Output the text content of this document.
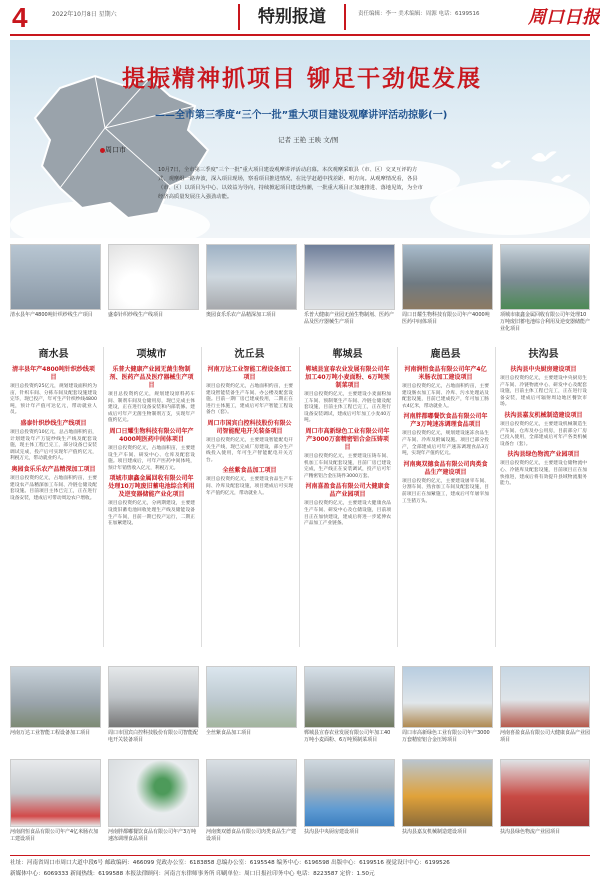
4	2022年10月8日 星期六	特别报道	责任编辑：李一 美术编辑：周源 电话：6199516	周口日报
周口市
提振精神抓项目 铆足干劲促发展
——全市第三季度“三个一批”重大项目建设观摩讲评活动掠影(一)
记者 王艳 王映 文/图
10月7日，全市第三季度“三个一批”重大项目建设观摩讲评活动启幕。本次观摩采取县（市、区）交叉互评的方式，观摩组一路奔波，深入项目现场，察看项目推进情况，在比学赶超中找差距、明方向。从观摩情况看，各县（市、区）以项目为中心、以效益为导向，持续掀起项目建设热潮，一批重大项目正加速推进、落地见效，为全市经济高质量发展注入强劲动能。
清水县年产4800吨针织纱线生产项目	盛泰针织纱线生产线项目	奥园食乐乐农产品精深加工项目	乐普大健康产业园无菌生物制剂、医药产品及医疗器械生产项目
周口日耀生物科技有限公司年产4000吨医药中间体项目
项城市康鑫金属回收有限公司年处理10万吨废旧蓄电池综合利用及逆变器储能产业化项目
商水县
清丰县年产4800吨针织纱线项目
项目总投资约25亿元，规划建设面积约为亩，针织车间、分拣车间及配套设施建设完毕，现已投产，年可生产针织纱线4800吨，预计年产值可达亿元，带动就业人员。
盛泰针织纱线生产线项目
项目总投资约10亿元，总占地面积约亩，计划建设年产万锭纱线生产线及配套设施，现主体工程已完工，部分设备已安装调试完成，投产后可实现年产值约亿元，利税万元，带动就业约人。
奥园食乐乐农产品精深加工项目
项目总投资约亿元，占地面积约亩，主要建设农产品精深加工车间、冷链仓储及配套设施。目前项目主体已完工，正在进行设备安装，建成后可带动周边农户增收。
项城市
乐普大健康产业园无菌生物制剂、医药产品及医疗器械生产项目
项目总投资约亿元，规划建设原料药车间、制剂车间及仓储用房，现已完成主体建设，正在进行设备安装和内部装修。建成后可年产无菌生物制剂万支，实现年产值约亿元。
周口日耀生物科技有限公司年产4000吨医药中间体项目
项目总投资约亿元，占地面积亩，主要建设生产车间、研发中心、仓库及配套设施。项目建成后，可年产医药中间体吨，预计年销售收入亿元，利税万元。
项城市康鑫金属回收有限公司年处理10万吨废旧蓄电池综合利用及逆变器储能产业化项目
项目总投资约亿元，分两期建设，主要建设废旧蓄电池回收处理生产线及储能设备生产车间，目前一期已投产运行，二期正在加紧建设。
沈丘县
河南万达工业智能工程设备加工项目
项目总投资约亿元，占地面积约亩，主要建设智能装备生产车间、办公楼及配套设施。目前一期厂房已建成投用，二期正在进行主体施工，建成后可年产智能工程设备台（套）。
周口市国宾白控科技股份有限公司智能配电开关装备项目
项目总投资约亿元，主要建设智能配电开关生产线，现已完成厂房建设，部分生产线投入使用，年可生产智能配电开关万台。
全丝紫食品加工项目
项目总投资约亿元，主要建设食品生产车间、冷库及配套设施，项目建成后可实现年产值约亿元，带动就业人。
郸城县
郸城县宣春农业发展有限公司年加工40万吨小麦面粉、6万吨预制菜项目
项目总投资约亿元，主要建设小麦面粉加工车间、预制菜生产车间、冷链仓储及配套设施，目前主体工程已完工，正在进行设备安装调试，建成后可年加工小麦40万吨。
周口市高新绿色工业有限公司年产3000万套精密铝合金压铸项目
项目总投资约亿元，主要建设压铸车间、机加工车间及配套设施，目前厂房已建设完成，生产线正在安装调试，投产后可年产精密铝合金压铸件3000万套。
河南喜盈食品有限公司大健康食品产业园项目
项目总投资约亿元，主要建设大健康食品生产车间、研发中心及仓储设施，目前项目正在加快建设，建成后将进一步延伸农产品加工产业链条。
鹿邑县
河南润恒食品有限公司年产4亿米肠衣加工建设项目
项目总投资约亿元，占地面积约亩，主要建设肠衣加工车间、冷库、污水处理站及配套设施，目前已建成投产，年可加工肠衣4亿米，带动就业人。
河南胖都嘟餐饮食品有限公司年产3万吨速冻调理食品项目
项目总投资约亿元，规划建设速冻食品生产车间、冷库及附属设施。项目已部分投产，全部建成后可年产速冻调理食品3万吨，实现年产值约亿元。
河南奥双德食品有限公司肉类食品生产建设项目
项目总投资约亿元，主要建设屠宰车间、分割车间、熟食加工车间及配套设施，目前项目正在加紧施工，建成后可年屠宰加工生猪万头。
扶沟县
扶沟县中央厨房建设项目
项目总投资约亿元，主要建设中央厨房生产车间、冷链物流中心、研发中心及配套设施，目前主体工程已完工，正在进行设备安装，建成后可辐射周边地区餐饮市场。
扶沟县嘉友机械制造建设项目
项目总投资约亿元，主要建设机械制造生产车间、仓库及办公用房，目前部分厂房已投入使用，全部建成后可年产各类机械设备台（套）。
扶沟县绿色物流产业园项目
项目总投资约亿元，主要建设仓储物流中心、冷链库及配套设施，目前项目正在加快推进，建成后将有效提升县域物流服务能力。
河南万达工业智能工程设备加工项目	周口市国宾白控科技股份有限公司智能配电开关装备项目
全丝紫食品加工项目	郸城县宣春农业发展有限公司年加工40万吨小麦面粉、6万吨预制菜项目
周口市高新绿色工业有限公司年产3000万套精密铝合金压铸项目
河南喜盈食品有限公司大健康食品产业园项目
河南润恒食品有限公司年产4亿米肠衣加工建设项目
河南胖都嘟餐饮食品有限公司年产3万吨速冻调理食品项目
河南奥双德食品有限公司肉类食品生产建设项目
扶沟县中央厨房建设项目	扶沟县嘉友机械制造建设项目	扶沟县绿色物流产业园项目
社址：河南省周口市周口大道中段6号 邮政编码：466099 党政办公室：6183858 总编办公室：6195548 编务中心：6196598 出版中心：6199516 视觉设计中心：6199526
新媒体中心：6069333 新闻热线：6199588 本报法律顾问：河南言东律师事务所 印刷单位：周口日报社印务中心 电话：8223587 定价：1.50元
